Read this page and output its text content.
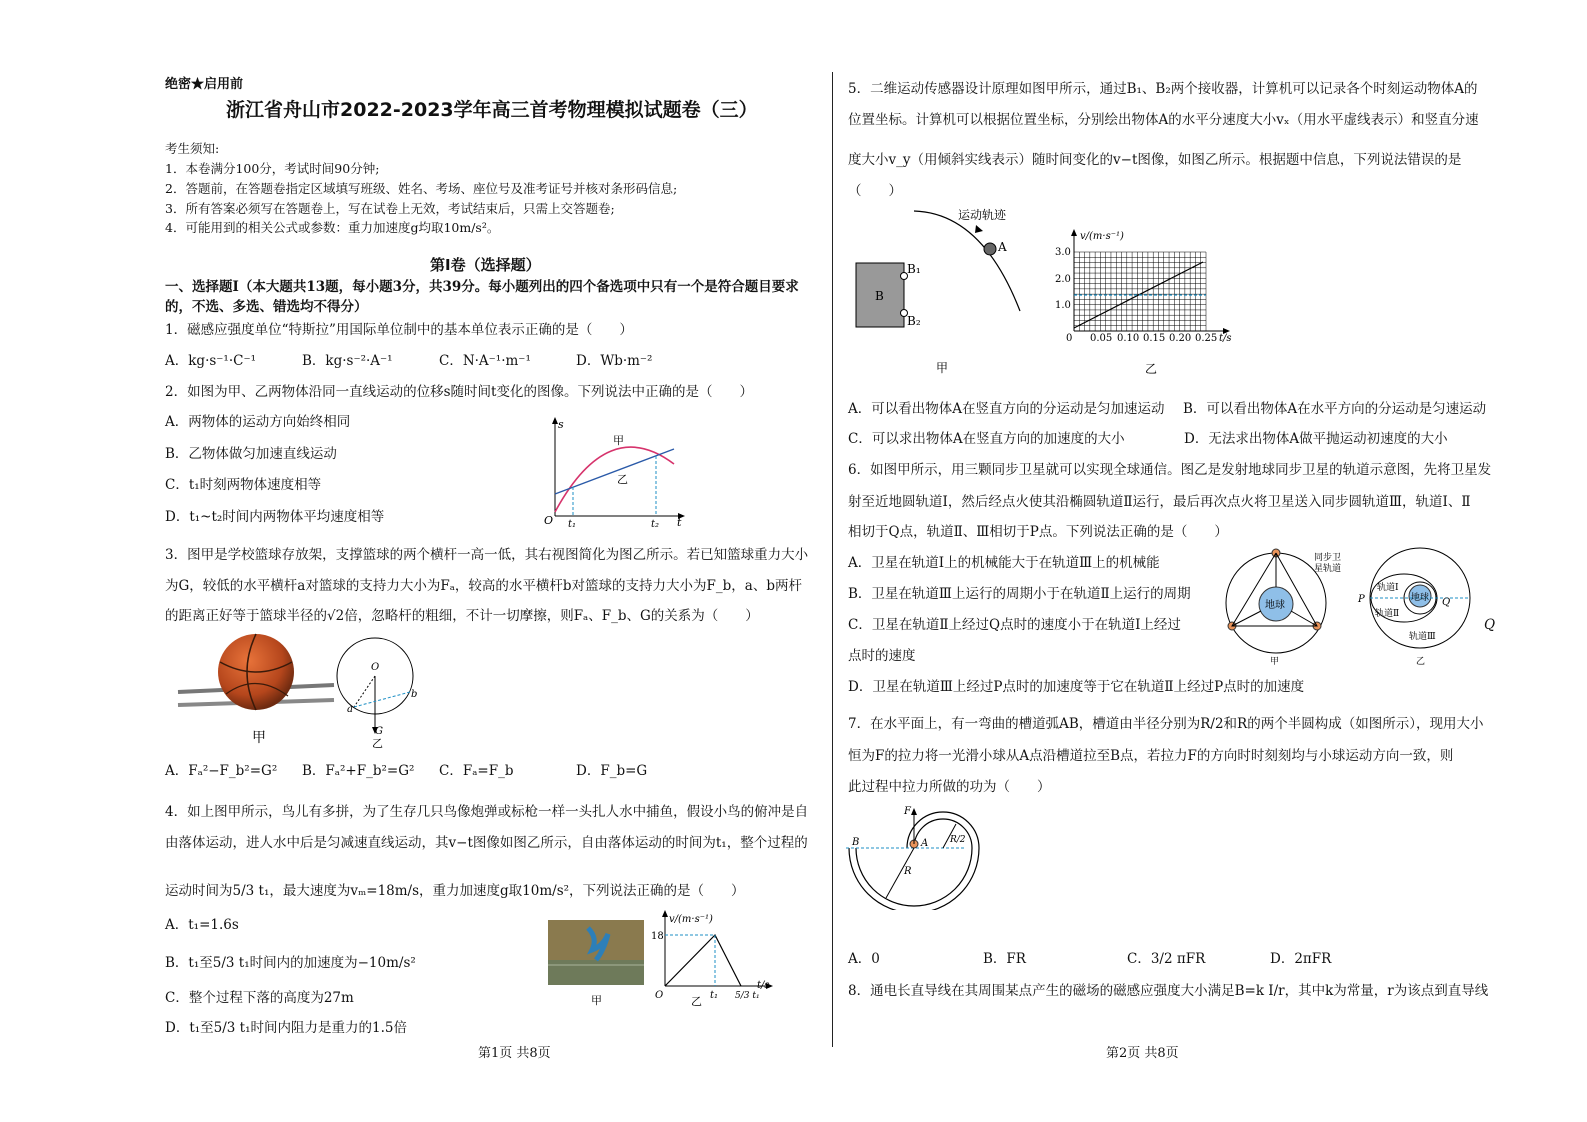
绝密★启用前
浙江省舟山市2022-2023学年高三首考物理模拟试题卷（三）
考生须知:
1．本卷满分100分，考试时间90分钟;
2．答题前，在答题卷指定区域填写班级、姓名、考场、座位号及准考证号并核对条形码信息;
3．所有答案必须写在答题卷上，写在试卷上无效，考试结束后，只需上交答题卷;
4．可能用到的相关公式或参数：重力加速度g均取10m/s²。
第Ⅰ卷（选择题）
一、选择题Ⅰ（本大题共13题，每小题3分，共39分。每小题列出的四个备选项中只有一个是符合题目要求
的，不选、多选、错选均不得分）
1．磁感应强度单位“特斯拉”用国际单位制中的基本单位表示正确的是（　　）
A．kg·s⁻¹·C⁻¹	B．kg·s⁻²·A⁻¹	C．N·A⁻¹·m⁻¹	D．Wb·m⁻²
2．如图为甲、乙两物体沿同一直线运动的位移s随时间t变化的图像。下列说法中正确的是（　　）
A．两物体的运动方向始终相同
B．乙物体做匀加速直线运动
C．t₁时刻两物体速度相等
D．t₁~t₂时间内两物体平均速度相等
s
t
O t₁	t₂
甲
乙
3．图甲是学校篮球存放架，支撑篮球的两个横杆一高一低，其右视图简化为图乙所示。若已知篮球重力大小
为G，较低的水平横杆a对篮球的支持力大小为Fₐ，较高的水平横杆b对篮球的支持力大小为F_b，a、b两杆
的距离正好等于篮球半径的√2倍，忽略杆的粗细，不计一切摩擦，则Fₐ、F_b、G的关系为（　　）
甲
O
a
b
G
乙
A．Fₐ²−F_b²=G² B．Fₐ²+F_b²=G² C．Fₐ=F_b	D．F_b=G
4．如上图甲所示，鸟儿有多拼，为了生存几只鸟像炮弹或标枪一样一头扎人水中捕鱼，假设小鸟的俯冲是自
由落体运动，进人水中后是匀减速直线运动，其v−t图像如图乙所示，自由落体运动的时间为t₁，整个过程的
运动时间为5/3 t₁，最大速度为vₘ=18m/s，重力加速度g取10m/s²，下列说法正确的是（　　）
A．t₁=1.6s
B．t₁至5/3 t₁时间内的加速度为−10m/s²
C．整个过程下落的高度为27m
D．t₁至5/3 t₁时间内阻力是重力的1.5倍
甲
v/(m·s⁻¹)
18
O	t₁ 5/3 t₁
t/s
乙
第1页 共8页
5．二维运动传感器设计原理如图甲所示，通过B₁、B₂两个接收器，计算机可以记录各个时刻运动物体A的
位置坐标。计算机可以根据位置坐标，分别绘出物体A的水平分速度大小vₓ（用水平虚线表示）和竖直分速
度大小v_y（用倾斜实线表示）随时间变化的v−t图像，如图乙所示。根据题中信息，下列说法错误的是
（　　）
运动轨迹
A
B
B₁
B₂
甲
v/(m·s⁻¹)
3.0
2.0
1.0
0 0.05 0.10 0.15 0.20 0.25 t/s
乙
A．可以看出物体A在竖直方向的分运动是匀加速运动 B．可以看出物体A在水平方向的分运动是匀速运动
C．可以求出物体A在竖直方向的加速度的大小	D．无法求出物体A做平抛运动初速度的大小
6．如图甲所示，用三颗同步卫星就可以实现全球通信。图乙是发射地球同步卫星的轨道示意图，先将卫星发
射至近地圆轨道Ⅰ，然后经点火使其沿椭圆轨道Ⅱ运行，最后再次点火将卫星送入同步圆轨道Ⅲ，轨道Ⅰ、Ⅱ
相切于Q点，轨道Ⅱ、Ⅲ相切于P点。下列说法正确的是（　　）
A．卫星在轨道Ⅰ上的机械能大于在轨道Ⅲ上的机械能
B．卫星在轨道Ⅲ上运行的周期小于在轨道Ⅱ上运行的周期
C．卫星在轨道Ⅱ上经过Q点时的速度小于在轨道Ⅰ上经过
点时的速度
D．卫星在轨道Ⅲ上经过P点时的加速度等于它在轨道Ⅱ上经过P点时的加速度
地球
同步卫
星轨道
甲
地球
轨道Ⅰ
轨道Ⅱ
轨道Ⅲ
P	Q
乙
Q
7．在水平面上，有一弯曲的槽道弧AB，槽道由半径分别为R/2和R的两个半圆构成（如图所示），现用大小
恒为F的拉力将一光滑小球从A点沿槽道拉至B点，若拉力F的方向时时刻刻均与小球运动方向一致，则
此过程中拉力所做的功为（　　）
F
B	A
R
R/2
A．0	B．FR	C．3/2 πFR	D．2πFR
8．通电长直导线在其周围某点产生的磁场的磁感应强度大小满足B=k I/r，其中k为常量，r为该点到直导线
第2页 共8页
